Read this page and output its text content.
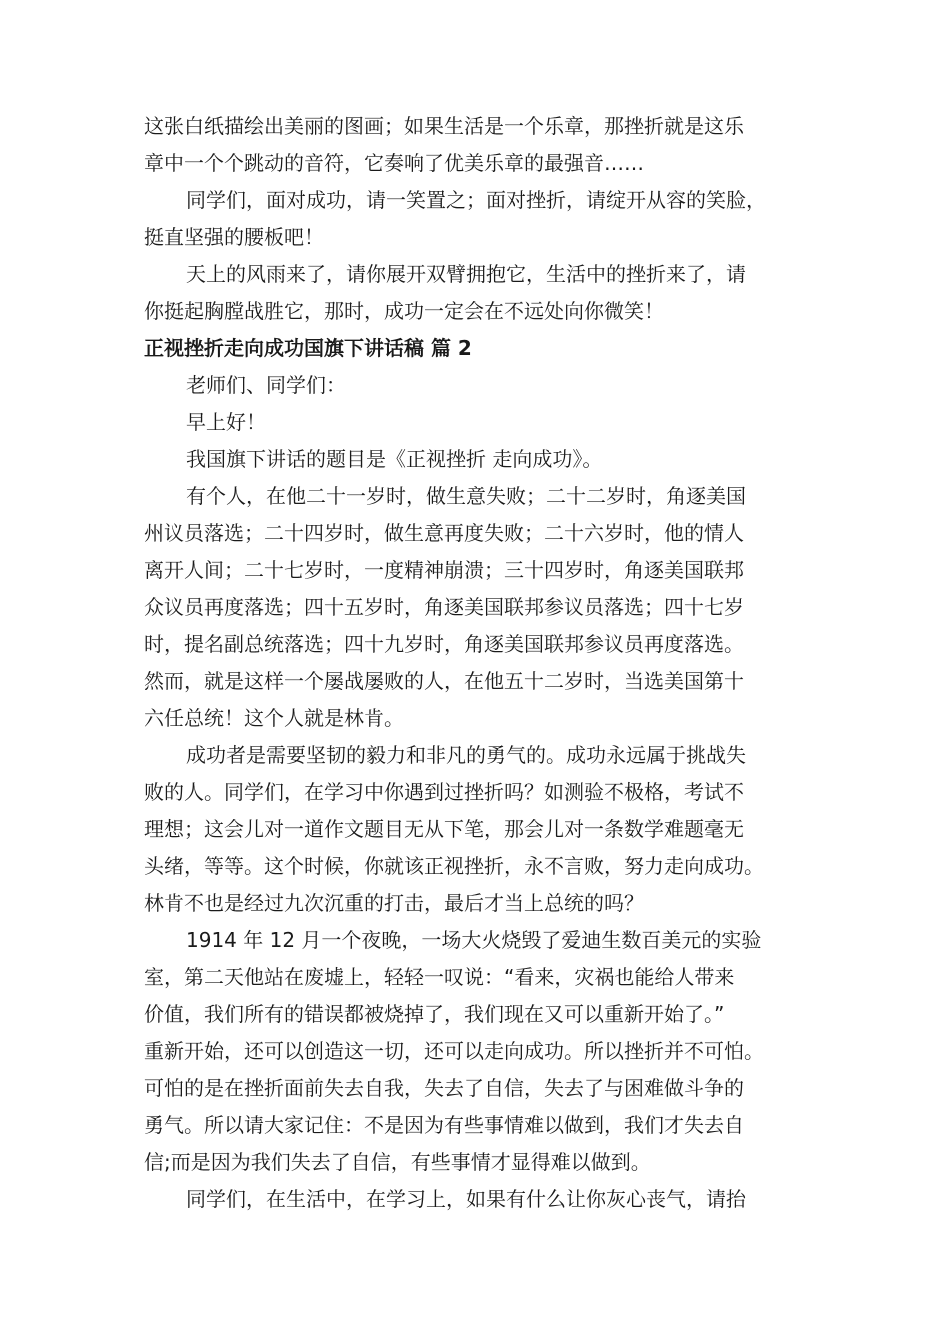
这张白纸描绘出美丽的图画；如果生活是一个乐章，那挫折就是这乐
章中一个个跳动的音符，它奏响了优美乐章的最强音……
同学们，面对成功，请一笑置之；面对挫折，请绽开从容的笑脸，
挺直坚强的腰板吧！
天上的风雨来了，请你展开双臂拥抱它，生活中的挫折来了，请
你挺起胸膛战胜它，那时，成功一定会在不远处向你微笑！
正视挫折走向成功国旗下讲话稿 篇 2
老师们、同学们：
早上好！
我国旗下讲话的题目是《正视挫折 走向成功》。
有个人，在他二十一岁时，做生意失败；二十二岁时，角逐美国
州议员落选；二十四岁时，做生意再度失败；二十六岁时，他的情人
离开人间；二十七岁时，一度精神崩溃；三十四岁时，角逐美国联邦
众议员再度落选；四十五岁时，角逐美国联邦参议员落选；四十七岁
时，提名副总统落选；四十九岁时，角逐美国联邦参议员再度落选。
然而，就是这样一个屡战屡败的人，在他五十二岁时，当选美国第十
六任总统！这个人就是林肯。
成功者是需要坚韧的毅力和非凡的勇气的。成功永远属于挑战失
败的人。同学们，在学习中你遇到过挫折吗？如测验不极格，考试不
理想；这会儿对一道作文题目无从下笔，那会儿对一条数学难题毫无
头绪，等等。这个时候，你就该正视挫折，永不言败，努力走向成功。
林肯不也是经过九次沉重的打击，最后才当上总统的吗？
1914 年 12 月一个夜晚，一场大火烧毁了爱迪生数百美元的实验
室，第二天他站在废墟上，轻轻一叹说：“看来，灾祸也能给人带来
价值，我们所有的错误都被烧掉了，我们现在又可以重新开始了。”
重新开始，还可以创造这一切，还可以走向成功。所以挫折并不可怕。
可怕的是在挫折面前失去自我，失去了自信，失去了与困难做斗争的
勇气。所以请大家记住：不是因为有些事情难以做到，我们才失去自
信;而是因为我们失去了自信，有些事情才显得难以做到。
同学们，在生活中，在学习上，如果有什么让你灰心丧气，请抬
